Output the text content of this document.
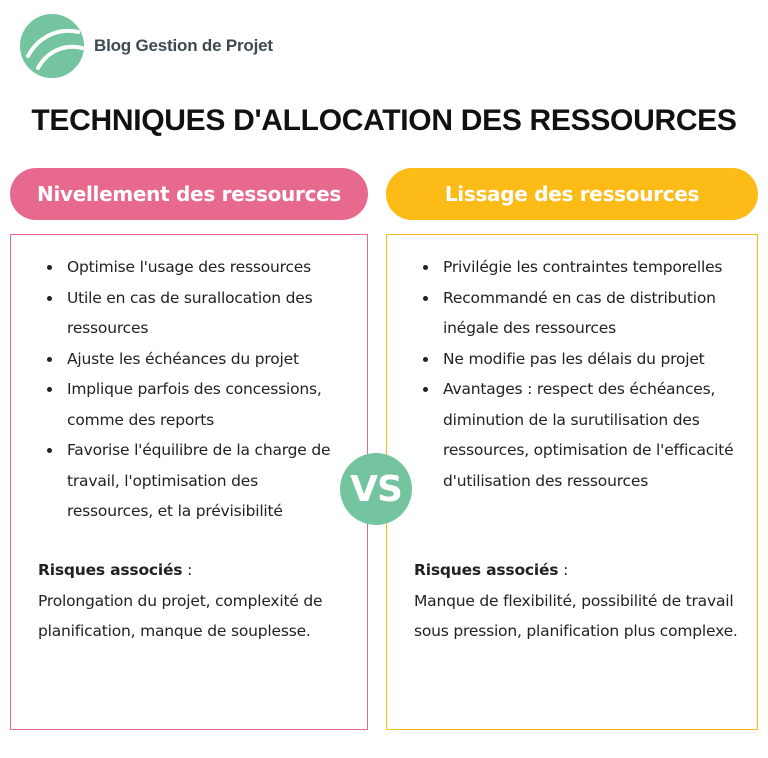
Blog Gestion de Projet
TECHNIQUES D'ALLOCATION DES RESSOURCES
Nivellement des ressources	Lissage des ressources
Optimise l'usage des ressources
Utile en cas de surallocation des ressources
Ajuste les échéances du projet
Implique parfois des concessions, comme des reports
Favorise l'équilibre de la charge de travail, l'optimisation des ressources, et la prévisibilité
Risques associés :
Prolongation du projet, complexité de planification, manque de souplesse.
Privilégie les contraintes temporelles
Recommandé en cas de distribution inégale des ressources
Ne modifie pas les délais du projet
Avantages : respect des échéances, diminution de la surutilisation des ressources, optimisation de l'efficacité d'utilisation des ressources
Risques associés :
Manque de flexibilité, possibilité de travail sous pression, planification plus complexe.
VS
